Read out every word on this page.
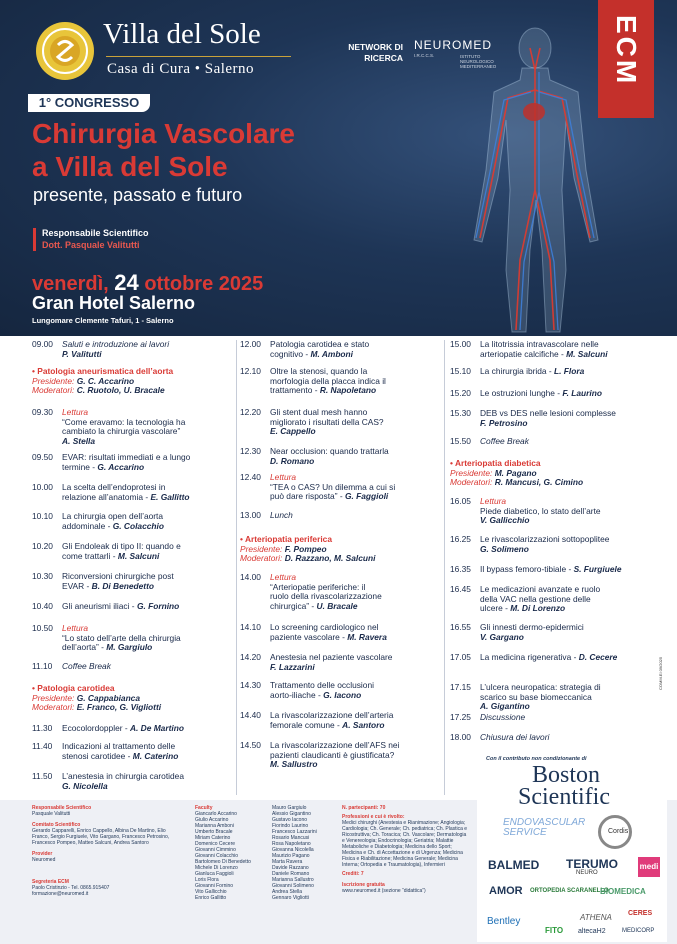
Villa del Sole
Casa di Cura • Salerno
NETWORK DI RICERCA
NEUROMED
I.R.C.C.S.	ISTITUTO NEUROLOGICO MEDITERRANEO	ECM
1° CONGRESSO
Chirurgia Vascolare
a Villa del Sole
presente, passato e futuro
Responsabile Scientifico
Dott. Pasquale Valitutti
venerdì, 24 ottobre 2025
Gran Hotel Salerno
Lungomare Clemente Tafuri, 1 - Salerno
09.00	Saluti e introduzione ai lavori
P. Valitutti
• Patologia aneurismatica dell’aorta
Presidente: G. C. Accarino
Moderatori: C. Ruotolo, U. Bracale
09.30	Lettura
“Come eravamo: la tecnologia ha
cambiato la chirurgia vascolare”
A. Stella
09.50	EVAR: risultati immediati e a lungo
termine - G. Accarino
10.00	La scelta dell’endoprotesi in
relazione all’anatomia - E. Gallitto
10.10	La chirurgia open dell’aorta
addominale - G. Colacchio
10.20	Gli Endoleak di tipo II: quando e
come trattarli - M. Salcuni
10.30	Riconversioni chirurgiche post
EVAR - B. Di Benedetto
10.40	Gli aneurismi iliaci - G. Fornino
10.50	Lettura
“Lo stato dell’arte della chirurgia
dell’aorta” - M. Gargiulo
11.10	Coffee Break
• Patologia carotidea
Presidente: G. Cappabianca
Moderatori: E. Franco, G. Vigliotti
11.30	Ecocolordoppler - A. De Martino
11.40	Indicazioni al trattamento delle
stenosi carotidee - M. Caterino
11.50	L’anestesia in chirurgia carotidea
G. Nicolella
12.00	Patologia carotidea e stato
cognitivo - M. Amboni
12.10	Oltre la stenosi, quando la
morfologia della placca indica il
trattamento - R. Napoletano
12.20	Gli stent dual mesh hanno
migliorato i risultati della CAS?
E. Cappello
12.30	Near occlusion: quando trattarla
D. Romano
12.40	Lettura
“TEA o CAS? Un dilemma a cui si
può dare risposta” - G. Faggioli
13.00	Lunch
• Arteriopatia periferica
Presidente: F. Pompeo
Moderatori: D. Razzano, M. Salcuni
14.00	Lettura
“Arteriopatie periferiche: il
ruolo della rivascolarizzazione
chirurgica” - U. Bracale
14.10	Lo screening cardiologico nel
paziente vascolare - M. Ravera
14.20	Anestesia nel paziente vascolare
F. Lazzarini
14.30	Trattamento delle occlusioni
aorto-iliache - G. Iacono
14.40	La rivascolarizzazione dell’arteria
femorale comune - A. Santoro
14.50	La rivascolarizzazione dell’AFS nei
pazienti claudicanti è giustificata?
M. Sallustro
15.00	La litotrissia intravascolare nelle
arteriopatie calcifiche - M. Salcuni
15.10	La chirurgia ibrida - L. Flora
15.20	Le ostruzioni lunghe - F. Laurino
15.30	DEB vs DES nelle lesioni complesse
F. Petrosino
15.50	Coffee Break
• Arteriopatia diabetica
Presidente: M. Pagano
Moderatori: R. Mancusi, G. Cimino
16.05	Lettura
Piede diabetico, lo stato dell’arte
V. Gallicchio
16.25	Le rivascolarizzazioni sottopoplitee
G. Solimeno
16.35	Il bypass femoro-tibiale - S. Furgiuele
16.45	Le medicazioni avanzate e ruolo
della VAC nella gestione delle
ulcere - M. Di Lorenzo
16.55	Gli innesti dermo-epidermici
V. Gargano
17.05	La medicina rigenerativa - D. Cecere
17.15	L’ulcera neuropatica: strategia di
scarico su base biomeccanica
A. Gigantino
17.25	Discussione
18.00	Chiusura dei lavori
Responsabile Scientifico
Pasquale Valitutti
Comitato Scientifico
Gerardo Capparelli, Enrico Cappello, Albina De Martino, Elio Franco, Sergio Furgiuele, Vito Gargano, Francesco Petrosino, Francesco Pompeo, Matteo Salcuni, Andrea Santoro
Provider
Neuromed
Segreteria ECM
Paolo Cristinzio - Tel. 0865.915407
formazione@neuromed.it
Faculty
Giancarlo Accarino
Giulio Accarino
Marianna Amboni
Umberto Bracale
Miriam Caterino
Domenico Cecere
Giovanni Cimmino
Giovanni Colacchio
Bartolomeo Di Benedetto
Michele Di Lorenzo
Gianluca Faggioli
Loris Flora
Giovanni Fornino
Vito Gallicchio
Enrico Gallitto
Mauro Gargiulo
Alessio Gigantino
Gustavo Iacono
Fiorindo Laurino
Francesco Lazzarini
Rosario Mancusi
Rosa Napoletano
Giovanna Nicolella
Maurizio Pagano
Marta Ravera
Davide Razzano
Daniele Romano
Marianna Sallustro
Giovanni Solimeno
Andrea Stella
Gennaro Vigliotti
N. partecipanti: 70
Professioni e cui è rivolto:
Medici chirurghi (Anestesia e Rianimazione; Angiologia; Cardiologia; Ch. Generale; Ch. pediatrica; Ch. Plastica e Ricostruttiva; Ch. Toracica; Ch. Vascolare; Dermatologia e Venereologia; Endocrinologia; Geriatria; Malattie Metaboliche e Diabetologia; Medicina dello Sport; Medicina e Ch. di Accettazione e di Urgenza; Medicina Fisica e Riabilitazione; Medicina Generale; Medicina Interna; Ortopedia e Traumatologia), Infermieri
Crediti: 7
Iscrizione gratuita
www.neuromed.it (sezione “didattica”)
Con il contributo non condizionante di
Boston
Scientific
ENDOVASCULAR SERVICE	Cordis
BALMED TERUMO
NEURO
medi
AMOR ORTOPEDIA SCARANELLO
BIOMEDICA
CERES
Bentley	ATHENA
FITO altecaH2	MEDICORP
COMM.EI 09/2025
